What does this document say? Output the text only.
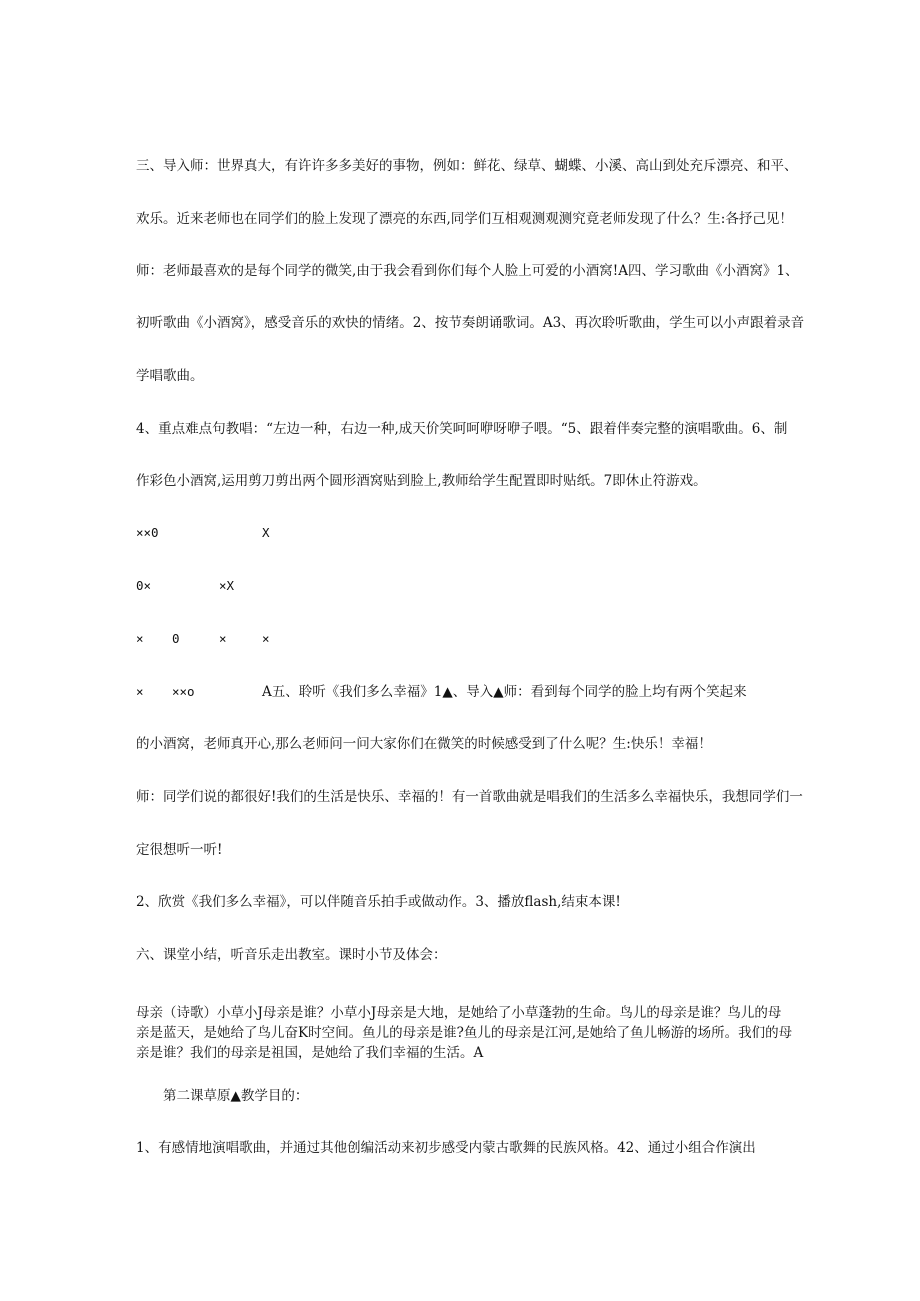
三、导入师：世界真大，有许许多多美好的事物，例如：鲜花、绿草、蝴蝶、小溪、高山到处充斥漂亮、和平、
欢乐。近来老师也在同学们的脸上发现了漂亮的东西,同学们互相观测观测究竟老师发现了什么？生:各抒己见！
师：老师最喜欢的是每个同学的微笑,由于我会看到你们每个人脸上可爱的小酒窝!A四、学习歌曲《小酒窝》1、
初听歌曲《小酒窝》，感受音乐的欢快的情绪。2、按节奏朗诵歌词。A3、再次聆听歌曲，学生可以小声跟着录音
学唱歌曲。
4、重点难点句教唱：“左边一种，右边一种,成天价笑呵呵咿呀咿子喂。“5、跟着伴奏完整的演唱歌曲。6、制
作彩色小酒窝,运用剪刀剪出两个圆形酒窝贴到脸上,教师给学生配置即时贴纸。7即休止符游戏。
××0	X
0×	×X
× 0	×	×
× ××o	A五、聆听《我们多么幸福》1▲、导入▲师：看到每个同学的脸上均有两个笑起来
的小酒窝，老师真开心,那么老师问一问大家你们在微笑的时候感受到了什么呢？生:快乐！幸福！
师：同学们说的都很好!我们的生活是快乐、幸福的！有一首歌曲就是唱我们的生活多么幸福快乐，我想同学们一
定很想听一听!
2、欣赏《我们多么幸福》，可以伴随音乐拍手或做动作。3、播放flash,结束本课!
六、课堂小结，听音乐走出教室。课时小节及体会：
母亲（诗歌）小草小J母亲是谁？小草小J母亲是大地，是她给了小草蓬勃的生命。鸟儿的母亲是谁？鸟儿的母
亲是蓝天，是她给了鸟儿奋K时空间。鱼儿的母亲是谁?鱼儿的母亲是江河,是她给了鱼儿畅游的场所。我们的母
亲是谁？我们的母亲是祖国，是她给了我们幸福的生活。A
第二课草原▲教学目的：
1、有感情地演唱歌曲，并通过其他创编活动来初步感受内蒙古歌舞的民族风格。42、通过小组合作演出
